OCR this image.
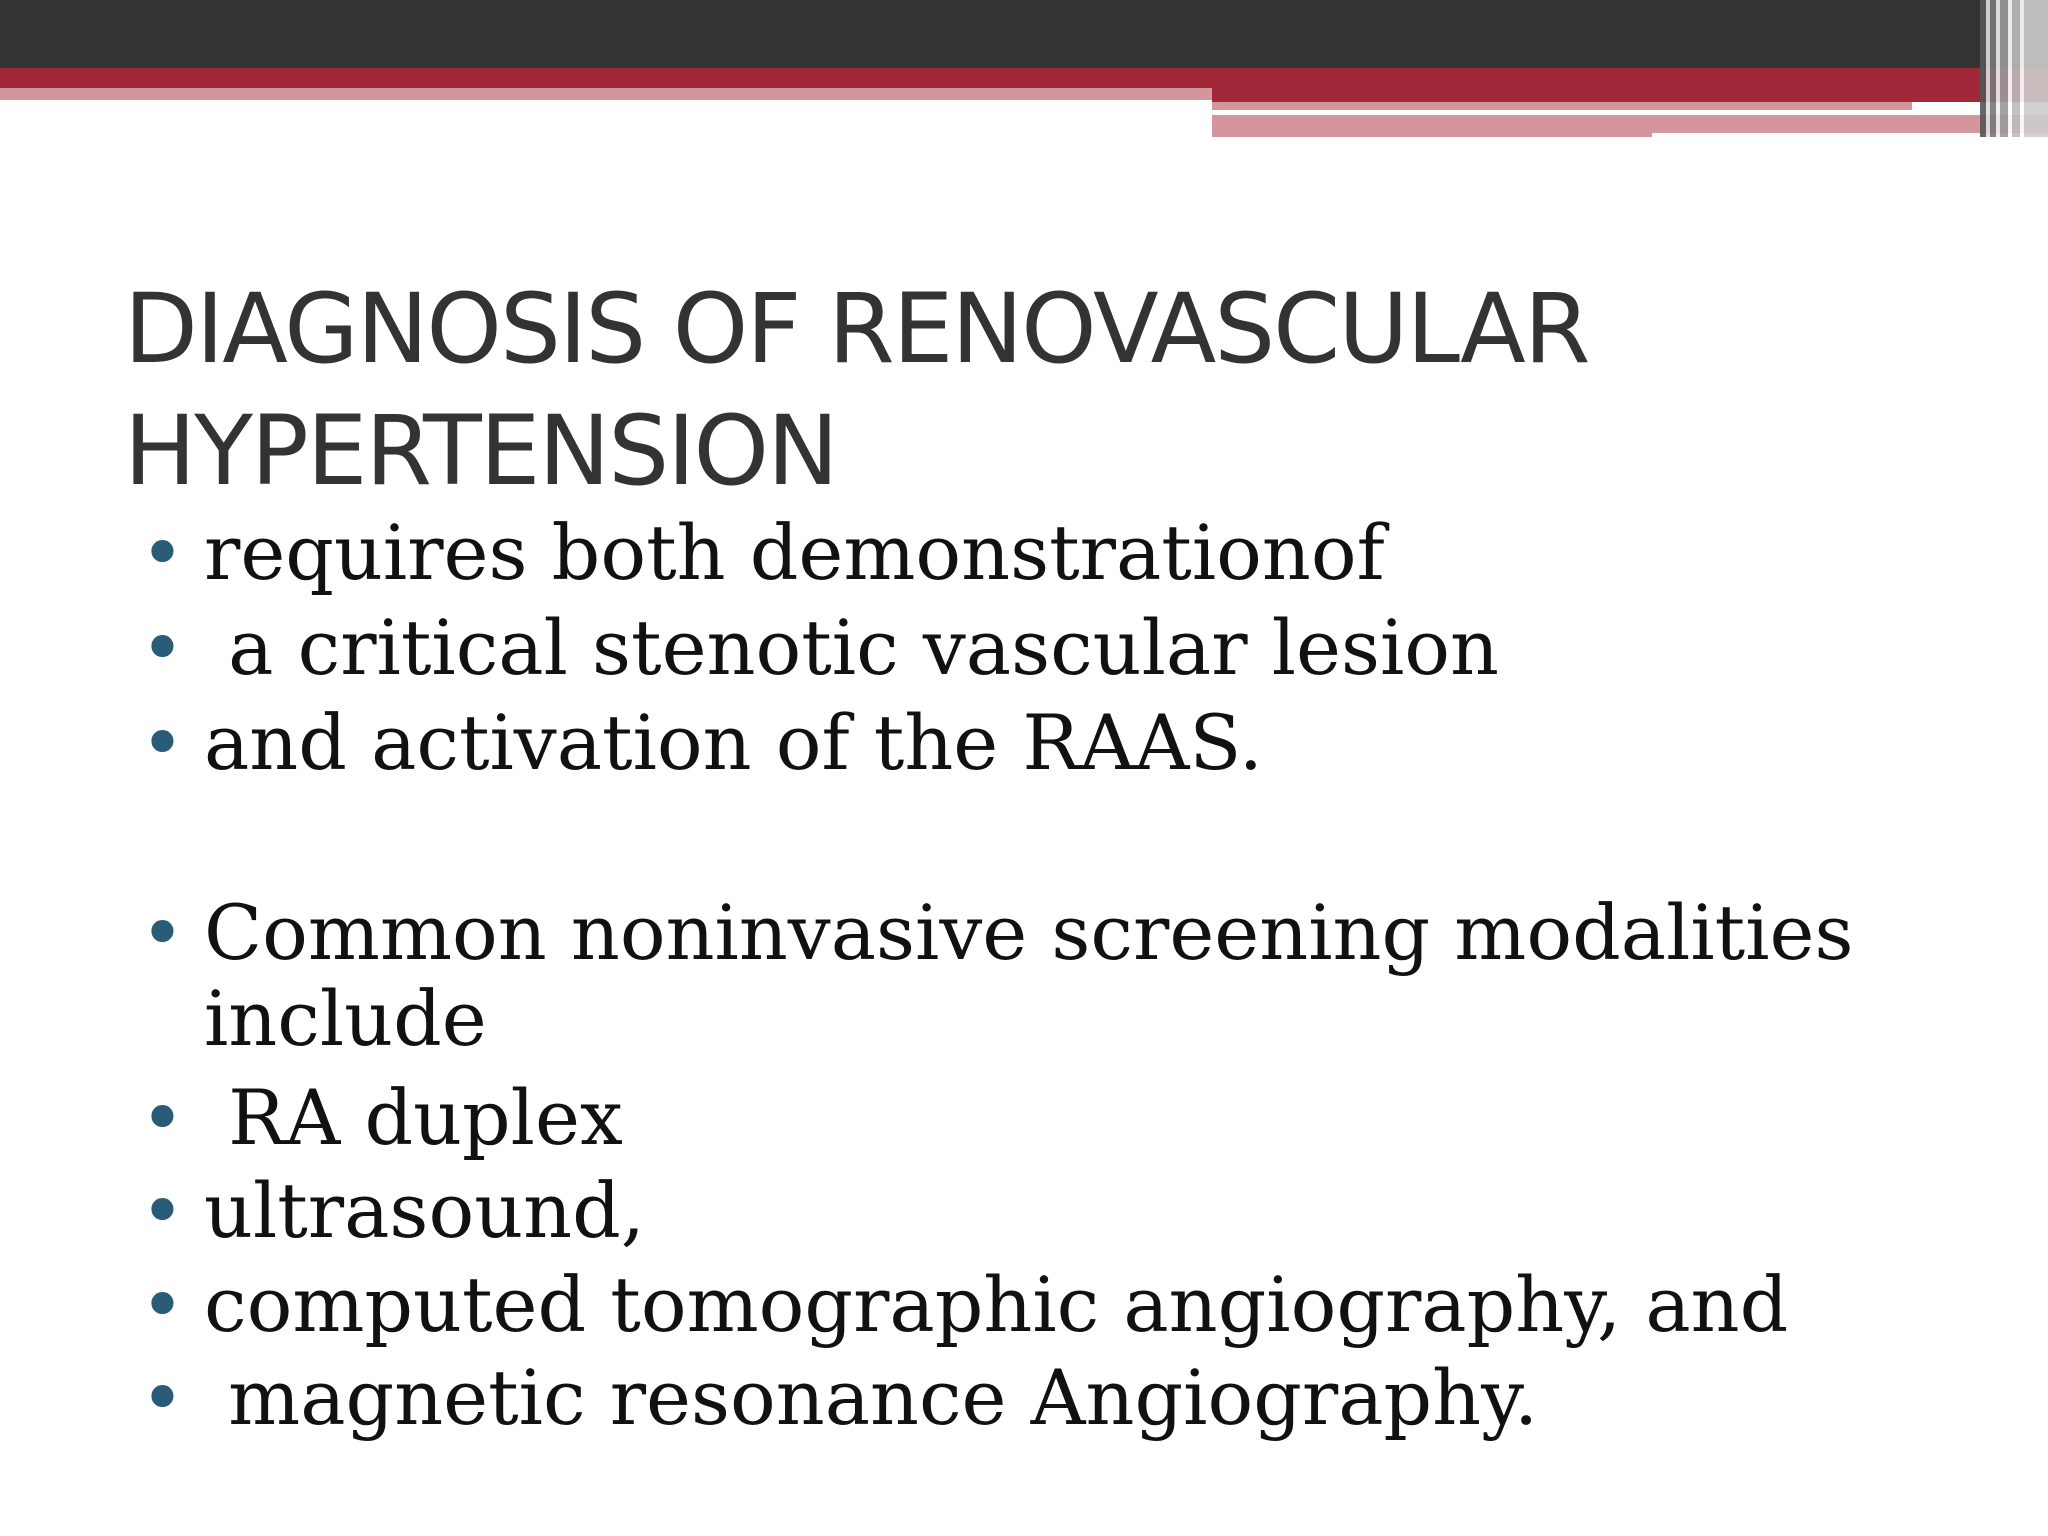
DIAGNOSIS OF RENOVASCULAR
HYPERTENSION
• requires both demonstrationof
• a critical stenotic vascular lesion
• and activation of the RAAS.
• Common noninvasive screening modalities
include
• RA duplex
• ultrasound,
• computed tomographic angiography, and
• magnetic resonance Angiography.
